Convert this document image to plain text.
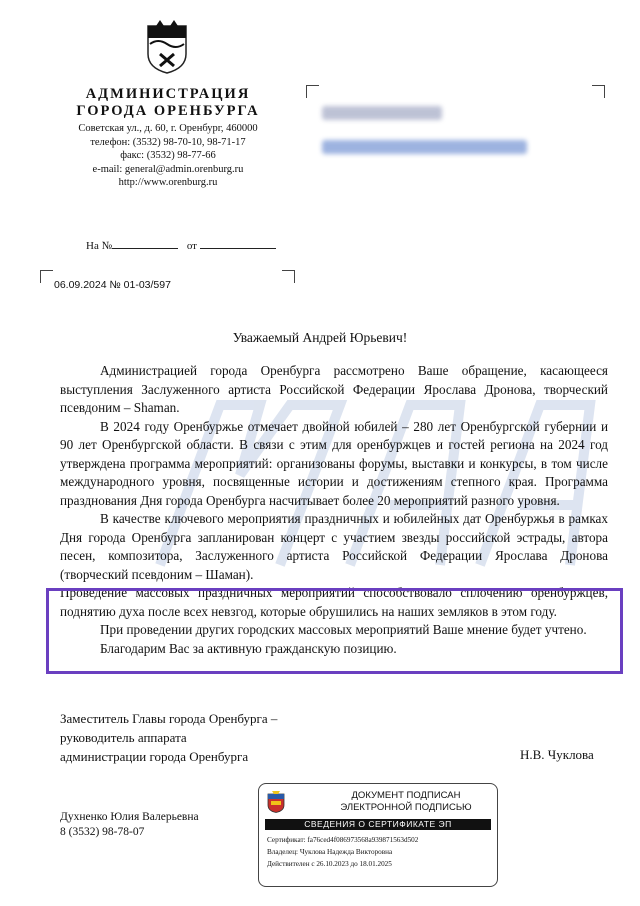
АДМИНИСТРАЦИЯ
ГОРОДА ОРЕНБУРГА
Советская ул., д. 60, г. Оренбург, 460000
телефон: (3532) 98-70-10, 98-71-17
факс: (3532) 98-77-66
e-mail: general@admin.orenburg.ru
http://www.orenburg.ru
На №	от
06.09.2024 № 01-03/597
Уважаемый Андрей Юрьевич!

Администрацией города Оренбурга рассмотрено Ваше обращение, касающееся выступления Заслуженного артиста Российской Федерации Ярослава Дронова, творческий псевдоним – Shaman.

В 2024 году Оренбуржье отмечает двойной юбилей – 280 лет Оренбургской губернии и 90 лет Оренбургской области. В связи с этим для оренбуржцев и гостей региона на 2024 год утверждена программа мероприятий: организованы форумы, выставки и конкурсы, в том числе международного уровня, посвященные истории и достижениям степного края. Программа празднования Дня города Оренбурга насчитывает более 20 мероприятий разного уровня.

В качестве ключевого мероприятия праздничных и юбилейных дат Оренбуржья в рамках Дня города Оренбурга запланирован концерт с участием звезды российской эстрады, автора песен, композитора, Заслуженного артиста Российской Федерации Ярослава Дронова (творческий псевдоним – Шаман).

Проведение массовых праздничных мероприятий способствовало сплочению оренбуржцев, поднятию духа после всех невзгод, которые обрушились на наших земляков в этом году.

При проведении других городских массовых мероприятий Ваше мнение будет учтено.

Благодарим Вас за активную гражданскую позицию.

Заместитель Главы города Оренбурга –
руководитель аппарата
администрации города Оренбурга	Н.В. Чуклова
Духненко Юлия Валерьевна
8 (3532) 98-78-07
ДОКУМЕНТ ПОДПИСАН
ЭЛЕКТРОННОЙ ПОДПИСЬЮ
СВЕДЕНИЯ О СЕРТИФИКАТЕ ЭП
Сертификат: fa76ced4f086973568a939871563d502
Владелец: Чуклова Надежда Викторовна
Действителен с 26.10.2023 до 18.01.2025
